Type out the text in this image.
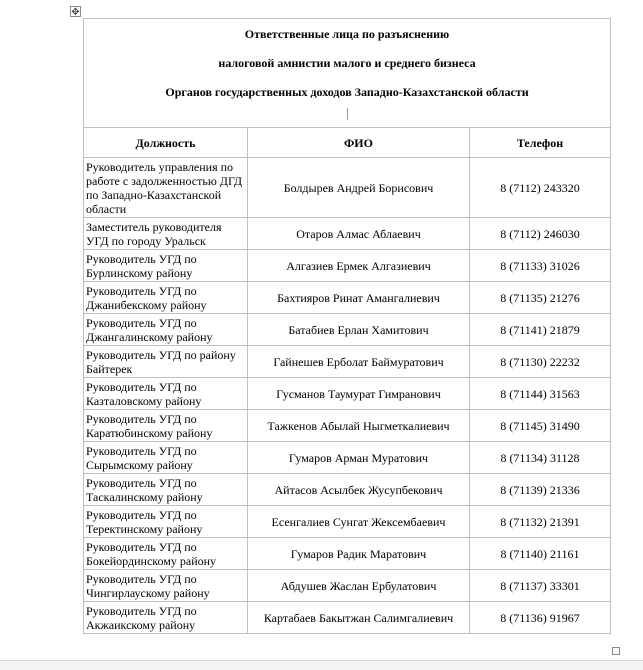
✥

Ответственные лица по разъяснению

налоговой амнистии малого и среднего бизнеса

Органов государственных доходов Западно-Казахстанской области		

Должность	ФИО	Телефон
Руководитель управления по работе с задолженностью ДГД по Западно-Казахстанской области	Болдырев Андрей Борисович	8 (7112) 243320
Заместитель руководителя УГД по городу Уральск	Отаров Алмас Аблаевич	8 (7112) 246030
Руководитель УГД по Бурлинскому району	Алгазиев Ермек Алгазиевич	8 (71133) 31026
Руководитель УГД по Джанибекскому району	Бахтияров Ринат Амангалиевич	8 (71135) 21276
Руководитель УГД по Джангалинскому району	Батабиев Ерлан Хамитович	8 (71141) 21879
Руководитель УГД по району Байтерек	Гайнешев Ерболат Баймуратович	8 (71130) 22232
Руководитель УГД по Казталовскому району	Гусманов Таумурат Гимранович	8 (71144) 31563
Руководитель УГД по Каратюбинскому району	Тажкенов Абылай Ныгметкалиевич	8 (71145) 31490
Руководитель УГД по Сырымскому району	Гумаров Арман Муратович	8 (71134) 31128
Руководитель УГД по Таскалинскому району	Айтасов Асылбек Жусупбекович	8 (71139) 21336
Руководитель УГД по Теректинскому району	Есенгалиев Сунгат Жексембаевич	8 (71132) 21391
Руководитель УГД по Бокейординскому району	Гумаров Радик Маратович	8 (71140) 21161
Руководитель УГД по Чингирлаускому району	Абдушев Жаслан Ербулатович	8 (71137) 33301
Руководитель УГД по Акжаикскому району	Картабаев Бакытжан Салимгалиевич	8 (71136) 91967
